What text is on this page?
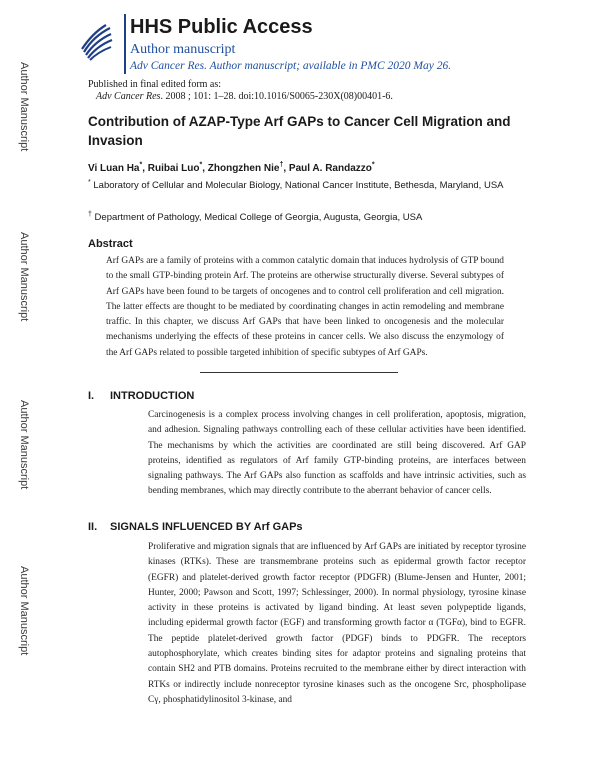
Author Manuscript
Author Manuscript
Author Manuscript
Author Manuscript
HHS Public Access
Author manuscript
Adv Cancer Res. Author manuscript; available in PMC 2020 May 26.
Published in final edited form as:
Adv Cancer Res. 2008 ; 101: 1–28. doi:10.1016/S0065-230X(08)00401-6.
Contribution of AZAP-Type Arf GAPs to Cancer Cell Migration and Invasion
Vi Luan Ha*, Ruibai Luo*, Zhongzhen Nie†, Paul A. Randazzo*
* Laboratory of Cellular and Molecular Biology, National Cancer Institute, Bethesda, Maryland, USA
† Department of Pathology, Medical College of Georgia, Augusta, Georgia, USA
Abstract
Arf GAPs are a family of proteins with a common catalytic domain that induces hydrolysis of GTP bound to the small GTP-binding protein Arf. The proteins are otherwise structurally diverse. Several subtypes of Arf GAPs have been found to be targets of oncogenes and to control cell proliferation and cell migration. The latter effects are thought to be mediated by coordinating changes in actin remodeling and membrane traffic. In this chapter, we discuss Arf GAPs that have been linked to oncogenesis and the molecular mechanisms underlying the effects of these proteins in cancer cells. We also discuss the enzymology of the Arf GAPs related to possible targeted inhibition of specific subtypes of Arf GAPs.
I. INTRODUCTION
Carcinogenesis is a complex process involving changes in cell proliferation, apoptosis, migration, and adhesion. Signaling pathways controlling each of these cellular activities have been identified. The mechanisms by which the activities are coordinated are still being discovered. Arf GAP proteins, identified as regulators of Arf family GTP-binding proteins, are interfaces between signaling pathways. The Arf GAPs also function as scaffolds and have intrinsic activities, such as bending membranes, which may directly contribute to the aberrant behavior of cancer cells.
II. SIGNALS INFLUENCED BY Arf GAPs
Proliferative and migration signals that are influenced by Arf GAPs are initiated by receptor tyrosine kinases (RTKs). These are transmembrane proteins such as epidermal growth factor receptor (EGFR) and platelet-derived growth factor receptor (PDGFR) (Blume-Jensen and Hunter, 2001; Hunter, 2000; Pawson and Scott, 1997; Schlessinger, 2000). In normal physiology, tyrosine kinase activity in these proteins is activated by ligand binding. At least seven polypeptide ligands, including epidermal growth factor (EGF) and transforming growth factor α (TGFα), bind to EGFR. The peptide platelet-derived growth factor (PDGF) binds to PDGFR. The receptors autophosphorylate, which creates binding sites for adaptor proteins and signaling proteins that contain SH2 and PTB domains. Proteins recruited to the membrane either by direct interaction with RTKs or indirectly include nonreceptor tyrosine kinases such as the oncogene Src, phospholipase Cγ, phosphatidylinositol 3-kinase, and
